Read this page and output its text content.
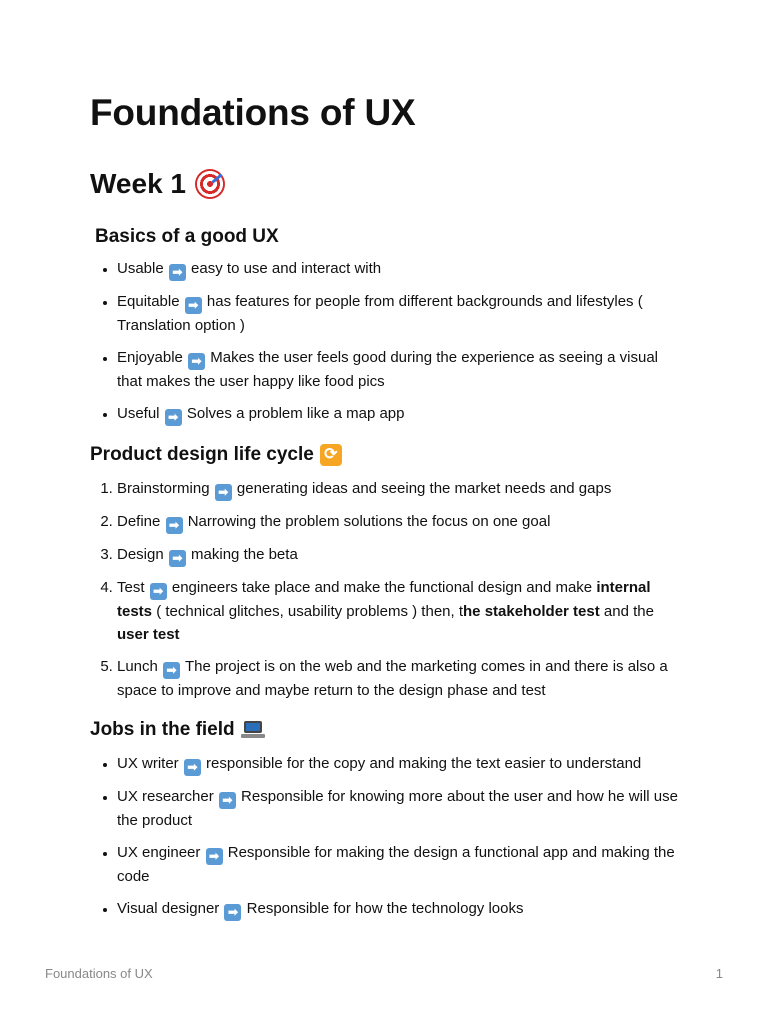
Foundations of UX
Week 1
Basics of a good UX
• Usable ➡ easy to use and interact with
• Equitable ➡ has features for people from different backgrounds and lifestyles ( Translation option )
• Enjoyable ➡ Makes the user feels good during the experience as seeing a visual that makes the user happy like food pics
• Useful ➡ Solves a problem like a map app
Product design life cycle ⟳
1. Brainstorming ➡ generating ideas and seeing the market needs and gaps
2. Define ➡ Narrowing the problem solutions the focus on one goal
3. Design ➡ making the beta
4. Test ➡ engineers take place and make the functional design and make internal tests ( technical glitches, usability problems ) then, the stakeholder test and the user test
5. Lunch ➡ The project is on the web and the marketing comes in and there is also a space to improve and maybe return to the design phase and test
Jobs in the field
• UX writer ➡ responsible for the copy and making the text easier to understand
• UX researcher ➡ Responsible for knowing more about the user and how he will use the product
• UX engineer ➡ Responsible for making the design a functional app and making the code
• Visual designer ➡ Responsible for how the technology looks
Foundations of UX	1
